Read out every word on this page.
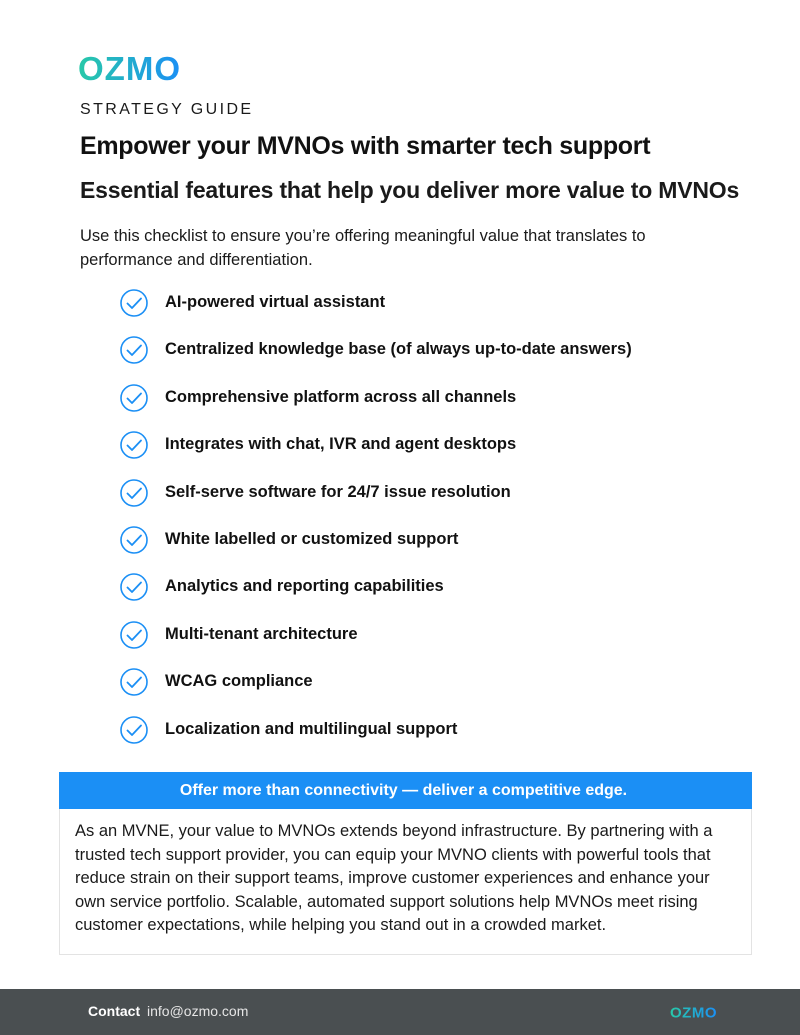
OZMO
STRATEGY GUIDE
Empower your MVNOs with smarter tech support
Essential features that help you deliver more value to MVNOs

Use this checklist to ensure you’re offering meaningful value that translates to performance and differentiation.

AI-powered virtual assistant
Centralized knowledge base (of always up-to-date answers)
Comprehensive platform across all channels
Integrates with chat, IVR and agent desktops
Self-serve software for 24/7 issue resolution
White labelled or customized support
Analytics and reporting capabilities
Multi-tenant architecture
WCAG compliance
Localization and multilingual support
Offer more than connectivity — deliver a competitive edge.

As an MVNE, your value to MVNOs extends beyond infrastructure. By partnering with a trusted tech support provider, you can equip your MVNO clients with powerful tools that reduce strain on their support teams, improve customer experiences and enhance your own service portfolio. Scalable, automated support solutions help MVNOs meet rising customer expectations, while helping you stand out in a crowded market.

Contact info@ozmo.com	OZMO
